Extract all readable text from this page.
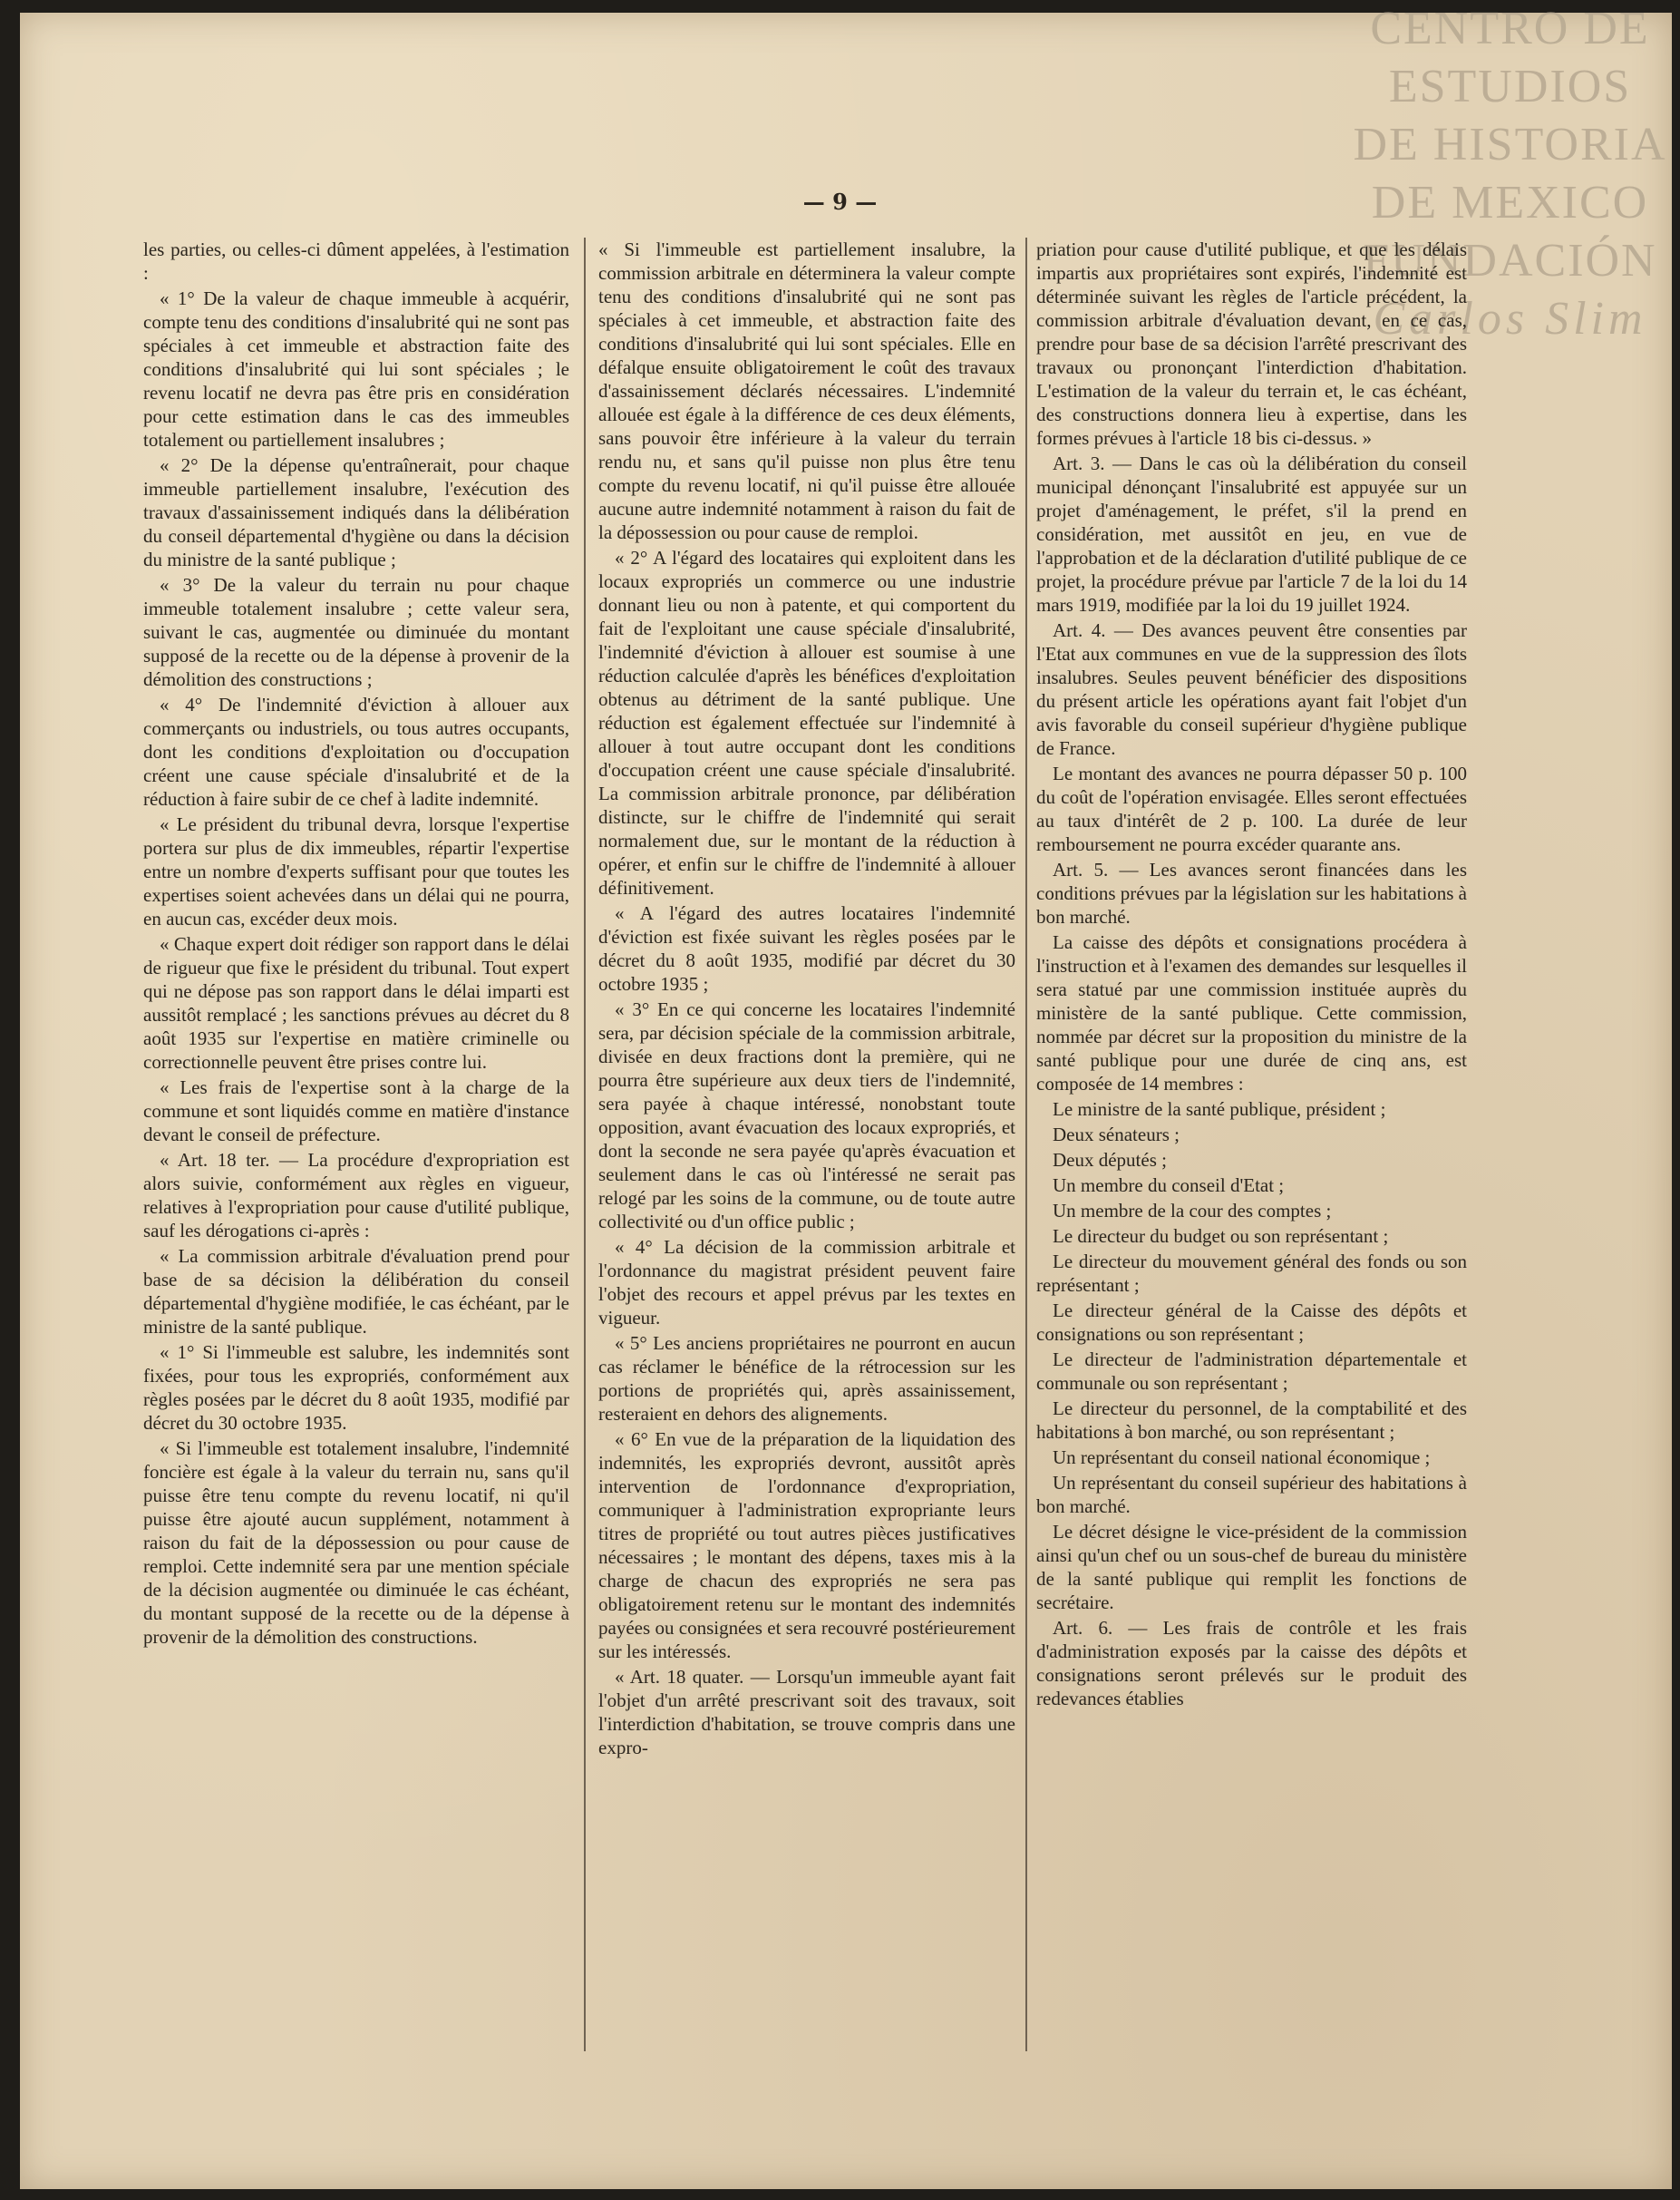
CENTRO DE
ESTUDIOS
DE HISTORIA
DE MEXICO
FUNDACIÓN
Carlos Slim
— 9 —

les parties, ou celles-ci dûment appelées, à l'estimation :

« 1° De la valeur de chaque immeuble à acquérir, compte tenu des conditions d'insalubrité qui ne sont pas spéciales à cet immeuble et abstraction faite des conditions d'insalubrité qui lui sont spéciales ; le revenu locatif ne devra pas être pris en considération pour cette estimation dans le cas des immeubles totalement ou partiellement insalubres ;

« 2° De la dépense qu'entraînerait, pour chaque immeuble partiellement insalubre, l'exécution des travaux d'assainissement indiqués dans la délibération du conseil départemental d'hygiène ou dans la décision du ministre de la santé publique ;

« 3° De la valeur du terrain nu pour chaque immeuble totalement insalubre ; cette valeur sera, suivant le cas, augmentée ou diminuée du montant supposé de la recette ou de la dépense à provenir de la démolition des constructions ;

« 4° De l'indemnité d'éviction à allouer aux commerçants ou industriels, ou tous autres occupants, dont les conditions d'exploitation ou d'occupation créent une cause spéciale d'insalubrité et de la réduction à faire subir de ce chef à ladite indemnité.

« Le président du tribunal devra, lorsque l'expertise portera sur plus de dix immeubles, répartir l'expertise entre un nombre d'experts suffisant pour que toutes les expertises soient achevées dans un délai qui ne pourra, en aucun cas, excéder deux mois.

« Chaque expert doit rédiger son rapport dans le délai de rigueur que fixe le président du tribunal. Tout expert qui ne dépose pas son rapport dans le délai imparti est aussitôt remplacé ; les sanctions prévues au décret du 8 août 1935 sur l'expertise en matière criminelle ou correctionnelle peuvent être prises contre lui.

« Les frais de l'expertise sont à la charge de la commune et sont liquidés comme en matière d'instance devant le conseil de préfecture.

« Art. 18 ter. — La procédure d'expropriation est alors suivie, conformément aux règles en vigueur, relatives à l'expropriation pour cause d'utilité publique, sauf les dérogations ci-après :

« La commission arbitrale d'évaluation prend pour base de sa décision la délibération du conseil départemental d'hygiène modifiée, le cas échéant, par le ministre de la santé publique.

« 1° Si l'immeuble est salubre, les indemnités sont fixées, pour tous les expropriés, conformément aux règles posées par le décret du 8 août 1935, modifié par décret du 30 octobre 1935.

« Si l'immeuble est totalement insalubre, l'indemnité foncière est égale à la valeur du terrain nu, sans qu'il puisse être tenu compte du revenu locatif, ni qu'il puisse être ajouté aucun supplément, notamment à raison du fait de la dépossession ou pour cause de remploi. Cette indemnité sera par une mention spéciale de la décision augmentée ou diminuée le cas échéant, du montant supposé de la recette ou de la dépense à provenir de la démolition des constructions.

« Si l'immeuble est partiellement insalubre, la commission arbitrale en déterminera la valeur compte tenu des conditions d'insalubrité qui ne sont pas spéciales à cet immeuble, et abstraction faite des conditions d'insalubrité qui lui sont spéciales. Elle en défalque ensuite obligatoirement le coût des travaux d'assainissement déclarés nécessaires. L'indemnité allouée est égale à la différence de ces deux éléments, sans pouvoir être inférieure à la valeur du terrain rendu nu, et sans qu'il puisse non plus être tenu compte du revenu locatif, ni qu'il puisse être allouée aucune autre indemnité notamment à raison du fait de la dépossession ou pour cause de remploi.

« 2° A l'égard des locataires qui exploitent dans les locaux expropriés un commerce ou une industrie donnant lieu ou non à patente, et qui comportent du fait de l'exploitant une cause spéciale d'insalubrité, l'indemnité d'éviction à allouer est soumise à une réduction calculée d'après les bénéfices d'exploitation obtenus au détriment de la santé publique. Une réduction est également effectuée sur l'indemnité à allouer à tout autre occupant dont les conditions d'occupation créent une cause spéciale d'insalubrité. La commission arbitrale prononce, par délibération distincte, sur le chiffre de l'indemnité qui serait normalement due, sur le montant de la réduction à opérer, et enfin sur le chiffre de l'indemnité à allouer définitivement.

« A l'égard des autres locataires l'indemnité d'éviction est fixée suivant les règles posées par le décret du 8 août 1935, modifié par décret du 30 octobre 1935 ;

« 3° En ce qui concerne les locataires l'indemnité sera, par décision spéciale de la commission arbitrale, divisée en deux fractions dont la première, qui ne pourra être supérieure aux deux tiers de l'indemnité, sera payée à chaque intéressé, nonobstant toute opposition, avant évacuation des locaux expropriés, et dont la seconde ne sera payée qu'après évacuation et seulement dans le cas où l'intéressé ne serait pas relogé par les soins de la commune, ou de toute autre collectivité ou d'un office public ;

« 4° La décision de la commission arbitrale et l'ordonnance du magistrat président peuvent faire l'objet des recours et appel prévus par les textes en vigueur.

« 5° Les anciens propriétaires ne pourront en aucun cas réclamer le bénéfice de la rétrocession sur les portions de propriétés qui, après assainissement, resteraient en dehors des alignements.

« 6° En vue de la préparation de la liquidation des indemnités, les expropriés devront, aussitôt après intervention de l'ordonnance d'expropriation, communiquer à l'administration expropriante leurs titres de propriété ou tout autres pièces justificatives nécessaires ; le montant des dépens, taxes mis à la charge de chacun des expropriés ne sera pas obligatoirement retenu sur le montant des indemnités payées ou consignées et sera recouvré postérieurement sur les intéressés.

« Art. 18 quater. — Lorsqu'un immeuble ayant fait l'objet d'un arrêté prescrivant soit des travaux, soit l'interdiction d'habitation, se trouve compris dans une expro-

priation pour cause d'utilité publique, et que les délais impartis aux propriétaires sont expirés, l'indemnité est déterminée suivant les règles de l'article précédent, la commission arbitrale d'évaluation devant, en ce cas, prendre pour base de sa décision l'arrêté prescrivant des travaux ou prononçant l'interdiction d'habitation. L'estimation de la valeur du terrain et, le cas échéant, des constructions donnera lieu à expertise, dans les formes prévues à l'article 18 bis ci-dessus. »

Art. 3. — Dans le cas où la délibération du conseil municipal dénonçant l'insalubrité est appuyée sur un projet d'aménagement, le préfet, s'il la prend en considération, met aussitôt en jeu, en vue de l'approbation et de la déclaration d'utilité publique de ce projet, la procédure prévue par l'article 7 de la loi du 14 mars 1919, modifiée par la loi du 19 juillet 1924.

Art. 4. — Des avances peuvent être consenties par l'Etat aux communes en vue de la suppression des îlots insalubres. Seules peuvent bénéficier des dispositions du présent article les opérations ayant fait l'objet d'un avis favorable du conseil supérieur d'hygiène publique de France.

Le montant des avances ne pourra dépasser 50 p. 100 du coût de l'opération envisagée. Elles seront effectuées au taux d'intérêt de 2 p. 100. La durée de leur remboursement ne pourra excéder quarante ans.

Art. 5. — Les avances seront financées dans les conditions prévues par la législation sur les habitations à bon marché.

La caisse des dépôts et consignations procédera à l'instruction et à l'examen des demandes sur lesquelles il sera statué par une commission instituée auprès du ministère de la santé publique. Cette commission, nommée par décret sur la proposition du ministre de la santé publique pour une durée de cinq ans, est composée de 14 membres :

Le ministre de la santé publique, président ;

Deux sénateurs ;

Deux députés ;

Un membre du conseil d'Etat ;

Un membre de la cour des comptes ;

Le directeur du budget ou son représentant ;

Le directeur du mouvement général des fonds ou son représentant ;

Le directeur général de la Caisse des dépôts et consignations ou son représentant ;

Le directeur de l'administration départementale et communale ou son représentant ;

Le directeur du personnel, de la comptabilité et des habitations à bon marché, ou son représentant ;

Un représentant du conseil national économique ;

Un représentant du conseil supérieur des habitations à bon marché.

Le décret désigne le vice-président de la commission ainsi qu'un chef ou un sous-chef de bureau du ministère de la santé publique qui remplit les fonctions de secrétaire.

Art. 6. — Les frais de contrôle et les frais d'administration exposés par la caisse des dépôts et consignations seront prélevés sur le produit des redevances établies
